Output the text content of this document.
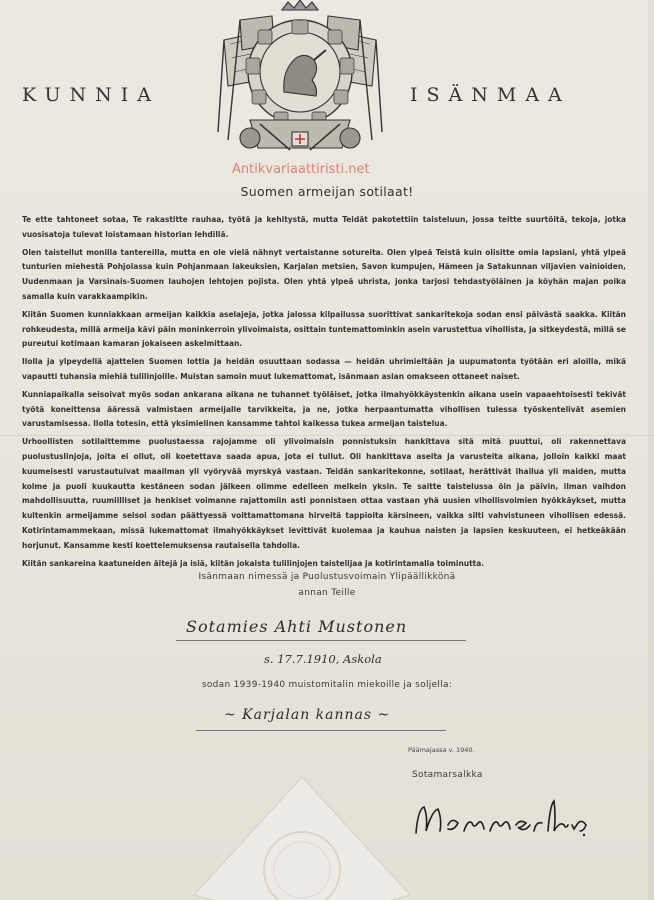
KUNNIA	ISÄNMAA
Antikvariaattiristi.net
Suomen armeijan sotilaat!

Te ette tahtoneet sotaa, Te rakastitte rauhaa, työtä ja kehitystä, mutta Teidät pakotettiin taisteluun, jossa teitte suurtöitä, tekoja, jotka vuosisatoja tulevat loistamaan historian lehdillä.

Olen taistellut monilla tantereilla, mutta en ole vielä nähnyt vertaistanne sotureita. Olen ylpeä Teistä kuin olisitte omia lapsiani, yhtä ylpeä tunturien miehestä Pohjolassa kuin Pohjanmaan lakeuksien, Karjalan metsien, Savon kumpujen, Hämeen ja Satakunnan viljavien vainioiden, Uudenmaan ja Varsinais-Suomen lauhojen lehtojen pojista. Olen yhtä ylpeä uhrista, jonka tarjosi tehdastyöläinen ja köyhän majan poika samalla kuin varakkaampikin.

Kiitän Suomen kunniakkaan armeijan kaikkia aselajeja, jotka jalossa kilpailussa suorittivat sankaritekoja sodan ensi päivästä saakka. Kiitän rohkeudesta, millä armeija kävi päin moninkerroin ylivoimaista, osittain tuntemattominkin asein varustettua vihollista, ja sitkeydestä, millä se pureutui kotimaan kamaran jokaiseen askelmittaan.

Ilolla ja ylpeydellä ajattelen Suomen lottia ja heidän osuuttaan sodassa — heidän uhrimieltään ja uupumatonta työtään eri aloilla, mikä vapautti tuhansia miehiä tulilinjoille. Muistan samoin muut lukemattomat, isänmaan asian omakseen ottaneet naiset.

Kunniapaikalla seisoivat myös sodan ankarana aikana ne tuhannet työläiset, jotka ilmahyökkäystenkin aikana usein vapaaehtoisesti tekivät työtä koneittensa ääressä valmistaen armeijalle tarvikkeita, ja ne, jotka herpaantumatta vihollisen tulessa työskentelivät asemien varustamisessa. Ilolla totesin, että yksimielinen kansamme tahtoi kaikessa tukea armeijan taistelua.

Urhoollisten sotilaittemme puolustaessa rajojamme oli ylivoimaisin ponnistuksin hankittava sitä mitä puuttui, oli rakennettava puolustuslinjoja, joita ei ollut, oli koetettava saada apua, jota ei tullut. Oli hankittava aseita ja varusteita aikana, jolloin kaikki maat kuumeisesti varustautuivat maailman yli vyöryvää myrskyä vastaan. Teidän sankaritekonne, sotilaat, herättivät ihailua yli maiden, mutta kolme ja puoli kuukautta kestäneen sodan jälkeen olimme edelleen melkein yksin. Te saitte taistelussa öin ja päivin, ilman vaihdon mahdollisuutta, ruumiilliset ja henkiset voimanne rajattomiin asti ponnistaen ottaa vastaan yhä uusien vihollisvoimien hyökkäykset, mutta kultenkin armeijamme seisoi sodan päättyessä voittamattomana hirveitä tappioita kärsineen, vaikka silti vahvistuneen vihollisen edessä. Kotirintamammekaan, missä lukemattomat ilmahyökkäykset levittivät kuolemaa ja kauhua naisten ja lapsien keskuuteen, ei hetkeäkään horjunut. Kansamme kesti koettelemuksensa rautaisella tahdolla.

Kiitän sankareina kaatuneiden äitejä ja isiä, kiitän jokaista tulilinjojen taistelijaa ja kotirintamalla toiminutta.

Isänmaan nimessä ja Puolustusvoimain Ylipäällikkönä
annan Teille
Sotamies Ahti Mustonen
s. 17.7.1910, Askola
sodan 1939-1940 muistomitalin miekoille ja soljella:
~ Karjalan kannas ~
Päämajassa v. 1940.
Sotamarsalkka
